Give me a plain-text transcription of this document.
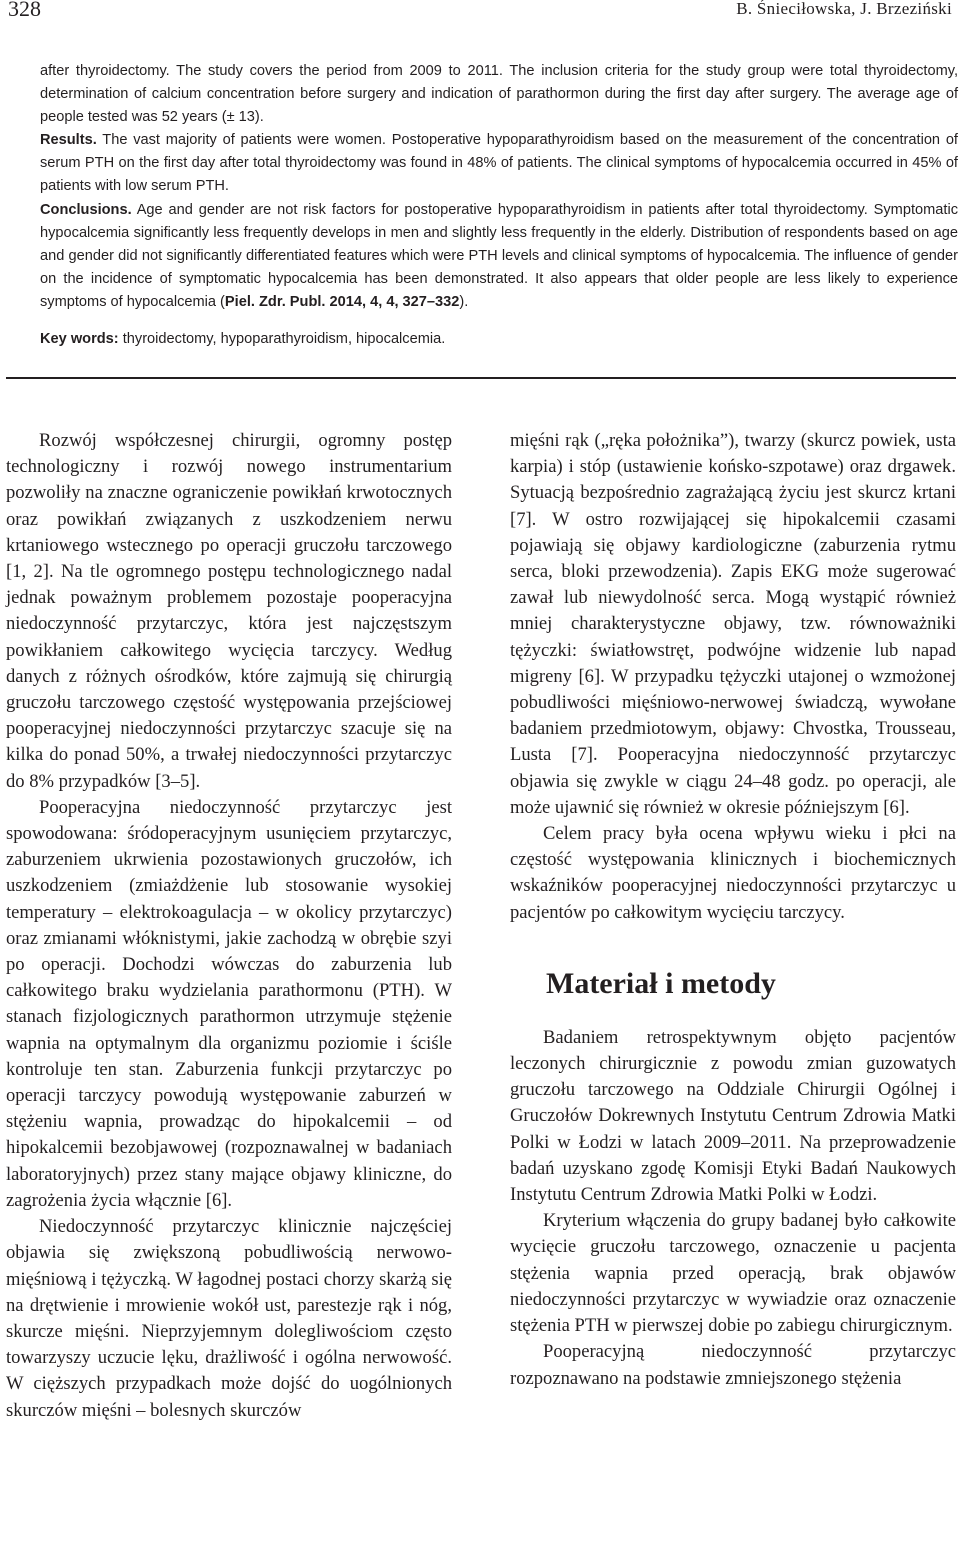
328	B. Śnieciłowska, J. Brzeziński

after thyroidectomy. The study covers the period from 2009 to 2011. The inclusion criteria for the study group were total thyroidectomy, determination of calcium concentration before surgery and indication of parathormon during the first day after surgery. The average age of people tested was 52 years (± 13).

Results. The vast majority of patients were women. Postoperative hypoparathyroidism based on the measurement of the concentration of serum PTH on the first day after total thyroidectomy was found in 48% of patients. The clinical symptoms of hypocalcemia occurred in 45% of patients with low serum PTH.

Conclusions. Age and gender are not risk factors for postoperative hypoparathyroidism in patients after total thyroidectomy. Symptomatic hypocalcemia significantly less frequently develops in men and slightly less frequently in the elderly. Distribution of respondents based on age and gender did not significantly differentiated features which were PTH levels and clinical symptoms of hypocalcemia. The influence of gender on the incidence of symptomatic hypocalcemia has been demonstrated. It also appears that older people are less likely to experience symptoms of hypocalcemia (Piel. Zdr. Publ. 2014, 4, 4, 327–332).

Key words: thyroidectomy, hypoparathyroidism, hipocalcemia.

Rozwój współczesnej chirurgii, ogromny postęp technologiczny i rozwój nowego instrumentarium pozwoliły na znaczne ograniczenie powikłań krwotocznych oraz powikłań związanych z uszkodzeniem nerwu krtaniowego wstecznego po operacji gruczołu tarczowego [1, 2]. Na tle ogromnego postępu technologicznego nadal jednak poważnym problemem pozostaje pooperacyjna niedoczynność przytarczyc, która jest najczęstszym powikłaniem całkowitego wycięcia tarczycy. Według danych z różnych ośrodków, które zajmują się chirurgią gruczołu tarczowego częstość występowania przejściowej pooperacyjnej niedoczynności przytarczyc szacuje się na kilka do ponad 50%, a trwałej niedoczynności przytarczyc do 8% przypadków [3–5].

Pooperacyjna niedoczynność przytarczyc jest spowodowana: śródoperacyjnym usunięciem przytarczyc, zaburzeniem ukrwienia pozostawionych gruczołów, ich uszkodzeniem (zmiażdżenie lub stosowanie wysokiej temperatury – elektrokoagulacja – w okolicy przytarczyc) oraz zmianami włóknistymi, jakie zachodzą w obrębie szyi po operacji. Dochodzi wówczas do zaburzenia lub całkowitego braku wydzielania parathormonu (PTH). W stanach fizjologicznych parathormon utrzymuje stężenie wapnia na optymalnym dla organizmu poziomie i ściśle kontroluje ten stan. Zaburzenia funkcji przytarczyc po operacji tarczycy powodują występowanie zaburzeń w stężeniu wapnia, prowadząc do hipokalcemii – od hipokalcemii bezobjawowej (rozpoznawalnej w badaniach laboratoryjnych) przez stany mające objawy kliniczne, do zagrożenia życia włącznie [6].

Niedoczynność przytarczyc klinicznie najczęściej objawia się zwiększoną pobudliwością nerwowo-mięśniową i tężyczką. W łagodnej postaci chorzy skarżą się na drętwienie i mrowienie wokół ust, parestezje rąk i nóg, skurcze mięśni. Nieprzyjemnym dolegliwościom często towarzyszy uczucie lęku, drażliwość i ogólna nerwowość. W cięższych przypadkach może dojść do uogólnionych skurczów mięśni – bolesnych skurczów

mięśni rąk („ręka położnika”), twarzy (skurcz powiek, usta karpia) i stóp (ustawienie końsko-szpotawe) oraz drgawek. Sytuacją bezpośrednio zagrażającą życiu jest skurcz krtani [7]. W ostro rozwijającej się hipokalcemii czasami pojawiają się objawy kardiologiczne (zaburzenia rytmu serca, bloki przewodzenia). Zapis EKG może sugerować zawał lub niewydolność serca. Mogą wystąpić również mniej charakterystyczne objawy, tzw. równoważniki tężyczki: światłowstręt, podwójne widzenie lub napad migreny [6]. W przypadku tężyczki utajonej o wzmożonej pobudliwości mięśniowo-nerwowej świadczą, wywołane badaniem przedmiotowym, objawy: Chvostka, Trousseau, Lusta [7]. Pooperacyjna niedoczynność przytarczyc objawia się zwykle w ciągu 24–48 godz. po operacji, ale może ujawnić się również w okresie późniejszym [6].

Celem pracy była ocena wpływu wieku i płci na częstość występowania klinicznych i biochemicznych wskaźników pooperacyjnej niedoczynności przytarczyc u pacjentów po całkowitym wycięciu tarczycy.

Materiał i metody

Badaniem retrospektywnym objęto pacjentów leczonych chirurgicznie z powodu zmian guzowatych gruczołu tarczowego na Oddziale Chirurgii Ogólnej i Gruczołów Dokrewnych Instytutu Centrum Zdrowia Matki Polki w Łodzi w latach 2009–2011. Na przeprowadzenie badań uzyskano zgodę Komisji Etyki Badań Naukowych Instytutu Centrum Zdrowia Matki Polki w Łodzi.

Kryterium włączenia do grupy badanej było całkowite wycięcie gruczołu tarczowego, oznaczenie u pacjenta stężenia wapnia przed operacją, brak objawów niedoczynności przytarczyc w wywiadzie oraz oznaczenie stężenia PTH w pierwszej dobie po zabiegu chirurgicznym.

Pooperacyjną niedoczynność przytarczyc rozpoznawano na podstawie zmniejszonego stężenia
